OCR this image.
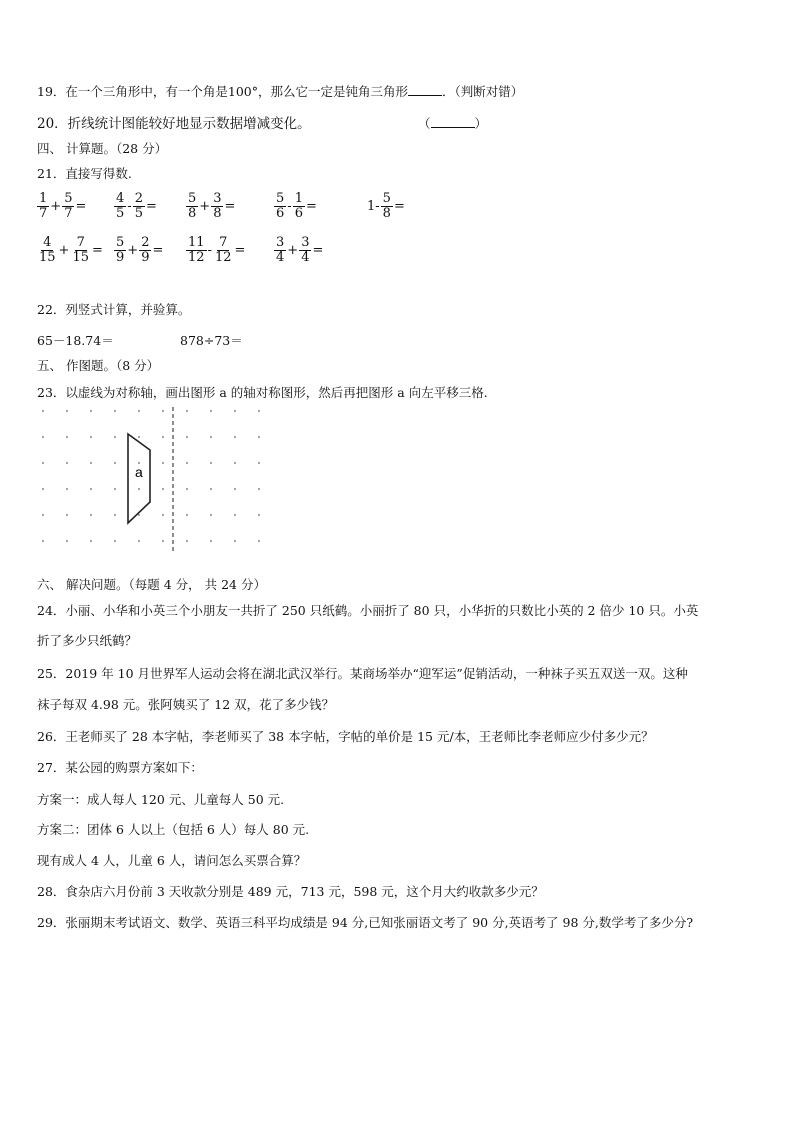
19．在一个三角形中，有一个角是100°，那么它一定是钝角三角形	．（判断对错）
20．折线统计图能较好地显示数据增减变化。	（	）
四、 计算题。（28 分）
21．直接写得数.
22．列竖式计算，并验算。
65－18.74＝	878÷73＝
五、 作图题。（8 分）
23．以虚线为对称轴，画出图形 a 的轴对称图形，然后再把图形 a 向左平移三格.
a
六、 解决问题。（每题 4 分， 共 24 分）
24．小丽、小华和小英三个小朋友一共折了 250 只纸鹤。小丽折了 80 只，小华折的只数比小英的 2 倍少 10 只。小英
折了多少只纸鹤？
25．2019 年 10 月世界军人运动会将在湖北武汉举行。某商场举办“迎军运”促销活动，一种袜子买五双送一双。这种
袜子每双 4.98 元。张阿姨买了 12 双，花了多少钱？
26．王老师买了 28 本字帖，李老师买了 38 本字帖，字帖的单价是 15 元/本，王老师比李老师应少付多少元？
27．某公园的购票方案如下：
方案一：成人每人 120 元、儿童每人 50 元.
方案二：团体 6 人以上（包括 6 人）每人 80 元.
现有成人 4 人，儿童 6 人，请问怎么买票合算？
28．食杂店六月份前 3 天收款分别是 489 元，713 元，598 元，这个月大约收款多少元？
29．张丽期末考试语文、数学、英语三科平均成绩是 94 分,已知张丽语文考了 90 分,英语考了 98 分,数学考了多少分?
$\frac{1}{7} + \frac{5}{7} = \frac{4}{5} - \frac{2}{5} = \frac{5}{8} + \frac{3}{8}$ =	$\frac{5}{6} - \frac{1}{6}$ =	$1- \frac{5}{8}$ =
$\frac{4}{15} + \frac{7}{15} = \frac{5}{9} + \frac{2}{9} = \frac{11}{12} - \frac{7}{12} = \frac{3}{4} + \frac{3}{4}$ =
